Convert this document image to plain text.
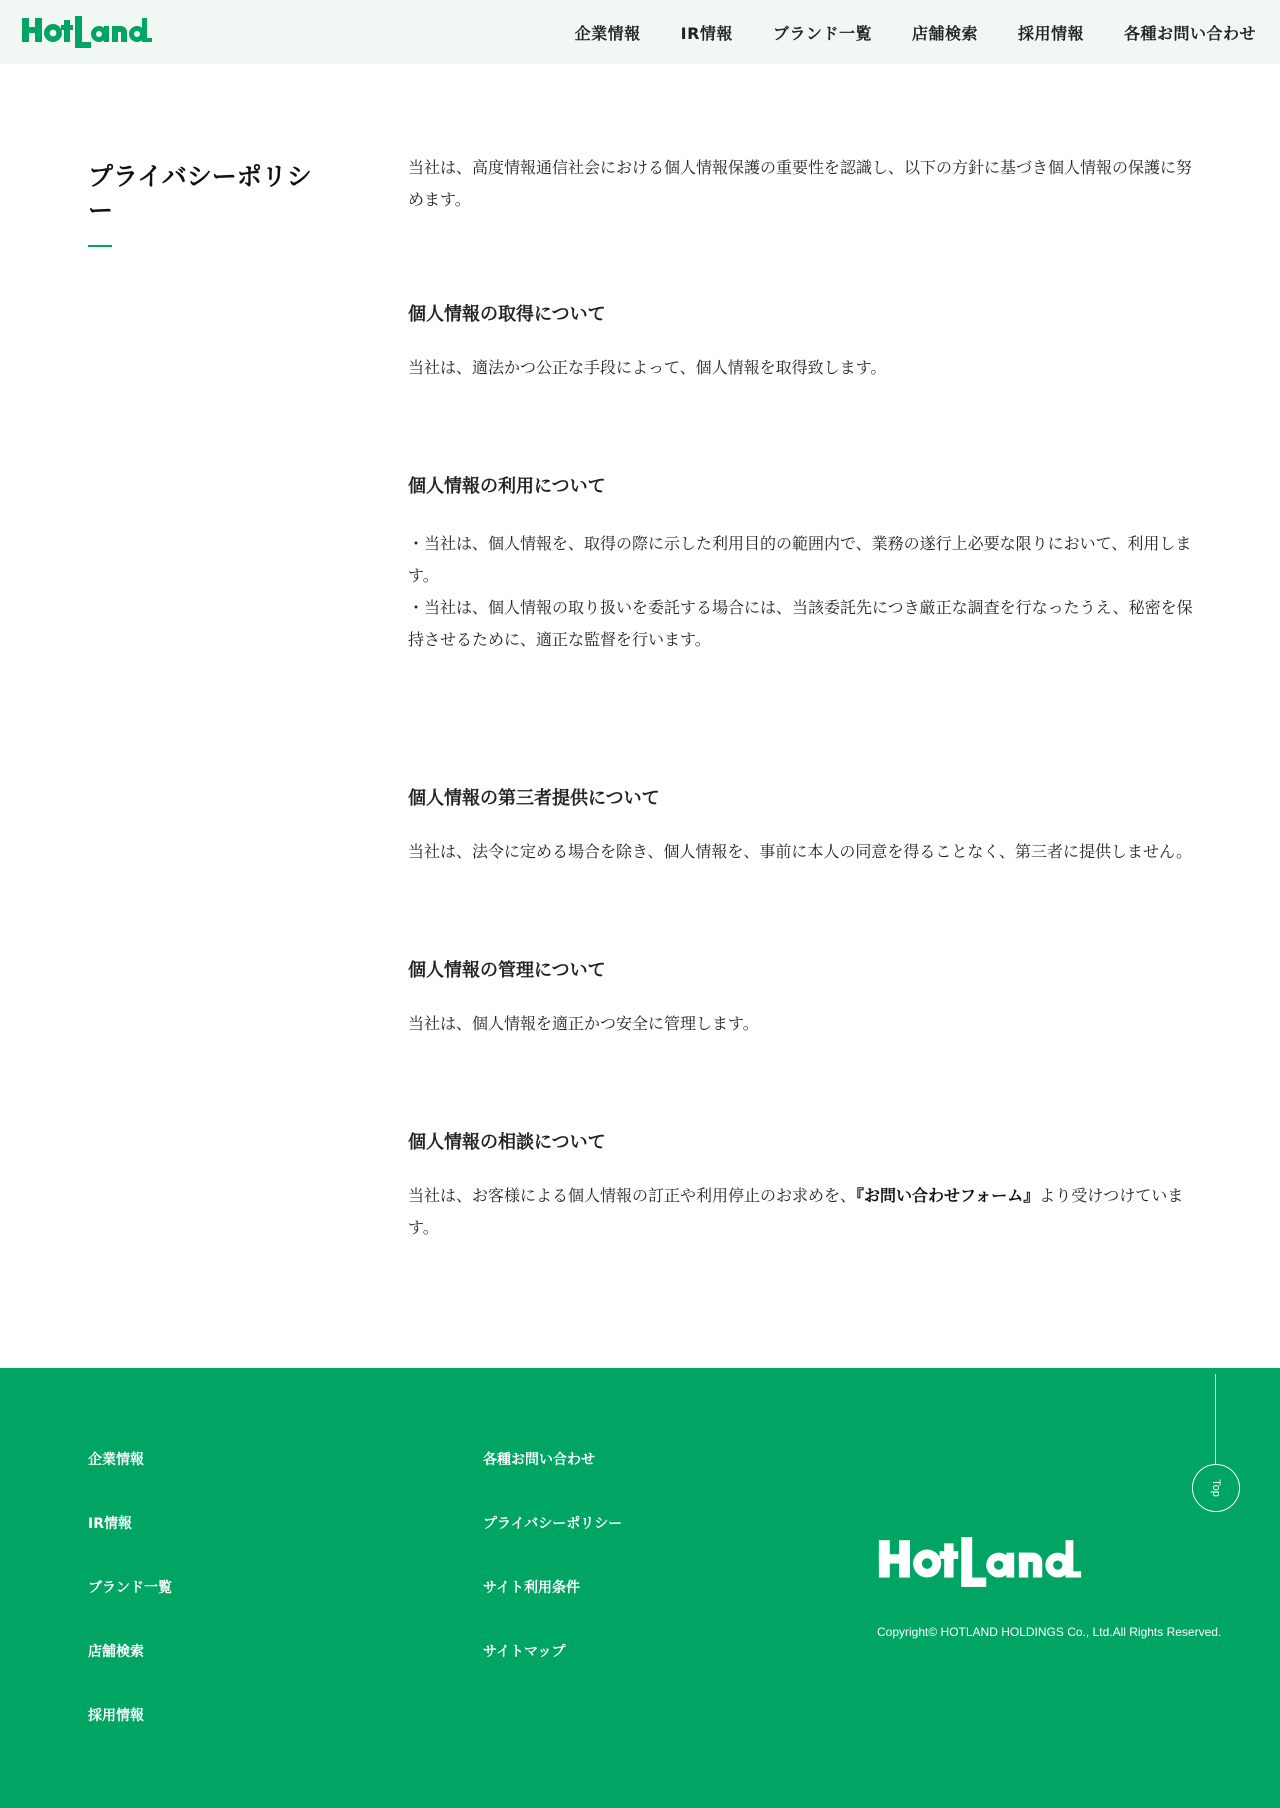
企業情報	IR情報	ブランド一覧	店舗検索	採用情報	各種お問い合わせ
プライバシーポリシー

当社は、高度情報通信社会における個人情報保護の重要性を認識し、以下の方針に基づき個人情報の保護に努めます。

個人情報の取得について

当社は、適法かつ公正な手段によって、個人情報を取得致します。

個人情報の利用について
・当社は、個人情報を、取得の際に示した利用目的の範囲内で、業務の遂行上必要な限りにおいて、利用します。
・当社は、個人情報の取り扱いを委託する場合には、当該委託先につき厳正な調査を行なったうえ、秘密を保持させるために、適正な監督を行います。
個人情報の第三者提供について

当社は、法令に定める場合を除き、個人情報を、事前に本人の同意を得ることなく、第三者に提供しません。

個人情報の管理について

当社は、個人情報を適正かつ安全に管理します。

個人情報の相談について

当社は、お客様による個人情報の訂正や利用停止のお求めを、『お問い合わせフォーム』より受けつけています。

Top
企業情報
IR情報
ブランド一覧
店舗検索
採用情報
各種お問い合わせ
プライバシーポリシー
サイト利用条件
サイトマップ

Copyright© HOTLAND HOLDINGS Co., Ltd.All Rights Reserved.
